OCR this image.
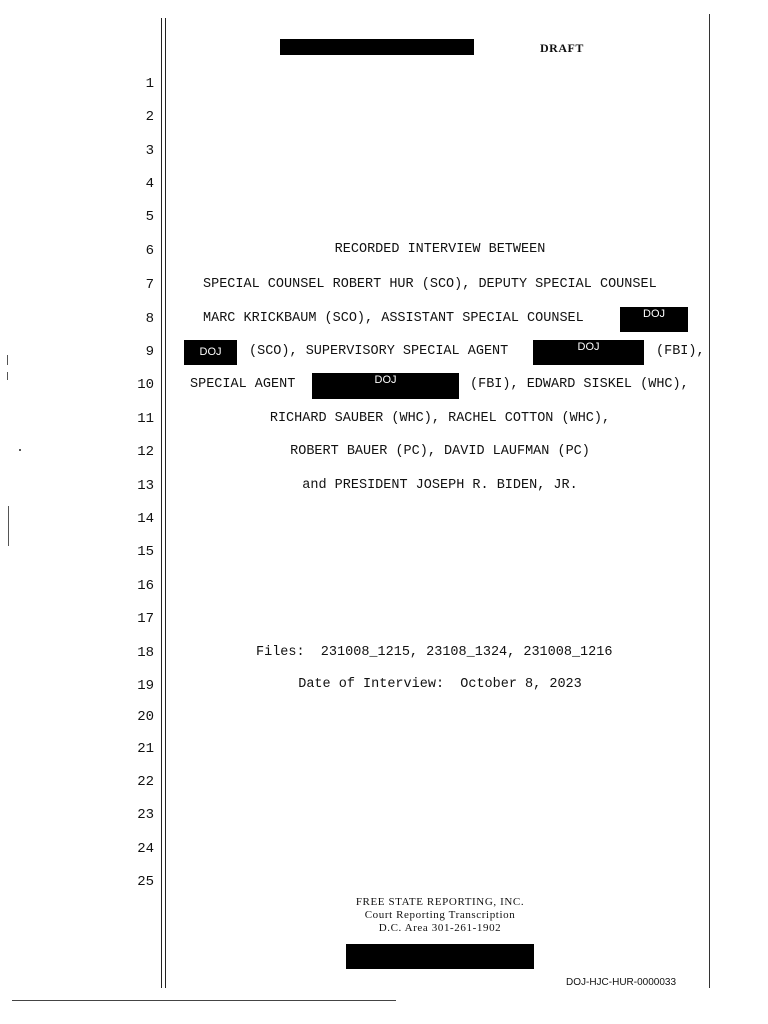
DRAFT
1
2
3
4
5
6
7
8
9
10
11
12
13
14
15
16
17
18
19
20
21
22
23
24
25
RECORDED INTERVIEW BETWEEN
SPECIAL COUNSEL ROBERT HUR (SCO), DEPUTY SPECIAL COUNSEL
MARC KRICKBAUM (SCO), ASSISTANT SPECIAL COUNSEL	DOJ
DOJ	(SCO), SUPERVISORY SPECIAL AGENT	DOJ	(FBI),
SPECIAL AGENT	DOJ	(FBI), EDWARD SISKEL (WHC),
RICHARD SAUBER (WHC), RACHEL COTTON (WHC),
ROBERT BAUER (PC), DAVID LAUFMAN (PC)
and PRESIDENT JOSEPH R. BIDEN, JR.
Files:  231008_1215, 23108_1324, 231008_1216
Date of Interview:  October 8, 2023
FREE STATE REPORTING, INC.
Court Reporting Transcription
D.C. Area 301-261-1902
DOJ-HJC-HUR-0000033
